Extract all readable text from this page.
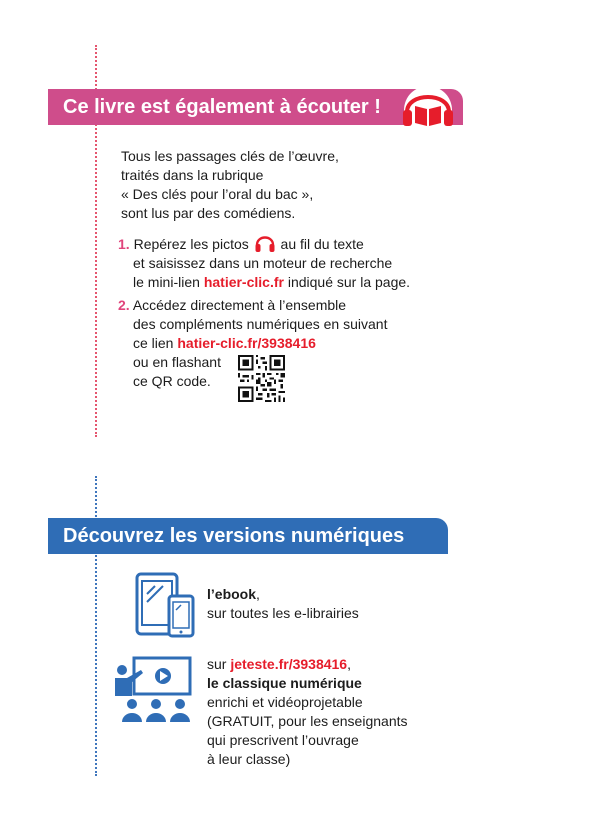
Ce livre est également à écouter !
Tous les passages clés de l’œuvre,
traités dans la rubrique
« Des clés pour l’oral du bac »,
sont lus par des comédiens.
1. Repérez les pictos au fil du texte
et saisissez dans un moteur de recherche
le mini-lien hatier-clic.fr indiqué sur la page.
2. Accédez directement à l’ensemble
des compléments numériques en suivant
ce lien hatier-clic.fr/3938416
ou en flashant
ce QR code.
Découvrez les versions numériques
l’ebook,
sur toutes les e-librairies
sur jeteste.fr/3938416,
le classique numérique
enrichi et vidéoprojetable
(GRATUIT, pour les enseignants
qui prescrivent l’ouvrage
à leur classe)
